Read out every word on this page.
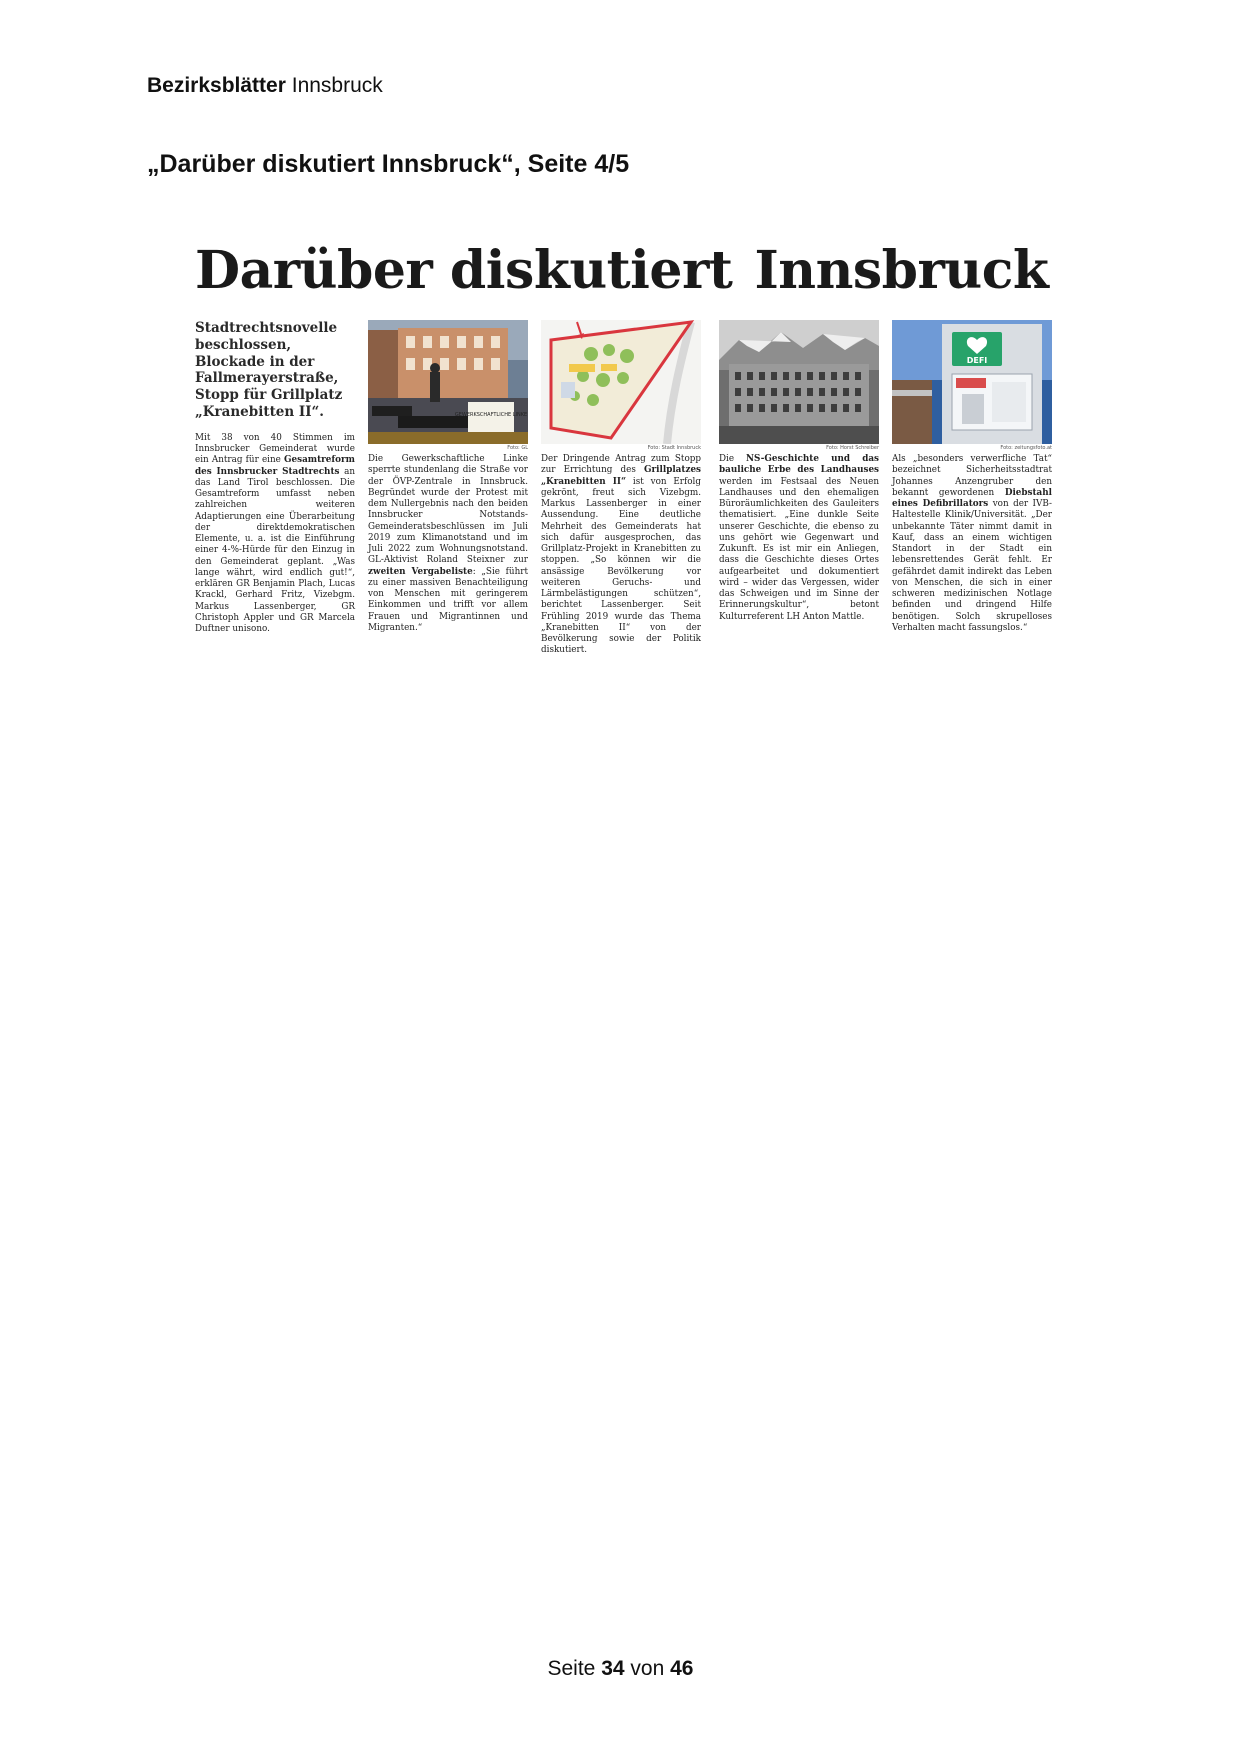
Bezirksblätter Innsbruck
„Darüber diskutiert Innsbruck“, Seite 4/5
Darüber diskutiert Innsbruck
Stadtrechtsnovelle beschlossen, Blockade in der Fallmerayerstraße, Stopp für Grillplatz „Kranebitten II“.

Mit 38 von 40 Stimmen im Innsbrucker Gemeinderat wurde ein Antrag für eine Gesamtreform des Innsbrucker Stadtrechts an das Land Tirol beschlossen. Die Gesamtreform umfasst neben zahlreichen weiteren Adaptierungen eine Überarbeitung der direktdemokratischen Elemente, u. a. ist die Einführung einer 4-%-Hürde für den Einzug in den Gemeinderat geplant. „Was lange währt, wird endlich gut!“, erklären GR Benjamin Plach, Lucas Krackl, Gerhard Fritz, Vizebgm. Markus Lassenberger, GR Christoph Appler und GR Marcela Duftner unisono.

GEWERKSCHAFTLICHE LINKE
Foto: GL

Die Gewerkschaftliche Linke sperrte stundenlang die Straße vor der ÖVP-Zentrale in Innsbruck. Begründet wurde der Protest mit dem Nullergebnis nach den beiden Innsbrucker Notstands-Gemeinderatsbeschlüssen im Juli 2019 zum Klimanotstand und im Juli 2022 zum Wohnungsnotstand. GL-Aktivist Roland Steixner zur zweiten Vergabeliste: „Sie führt zu einer massiven Benachteiligung von Menschen mit geringerem Einkommen und trifft vor allem Frauen und Migrantinnen und Migranten.“

Foto: Stadt Innsbruck

Der Dringende Antrag zum Stopp zur Errichtung des Grillplatzes „Kranebitten II“ ist von Erfolg gekrönt, freut sich Vizebgm. Markus Lassenberger in einer Aussendung. Eine deutliche Mehrheit des Gemeinderats hat sich dafür ausgesprochen, das Grillplatz-Projekt in Kranebitten zu stoppen. „So können wir die ansässige Bevölkerung vor weiteren Geruchs- und Lärmbelästigungen schützen“, berichtet Lassenberger. Seit Frühling 2019 wurde das Thema „Kranebitten II“ von der Bevölkerung sowie der Politik diskutiert.

Foto: Horst Schreiber

Die NS-Geschichte und das bauliche Erbe des Landhauses werden im Festsaal des Neuen Landhauses und den ehemaligen Büroräumlichkeiten des Gauleiters thematisiert. „Eine dunkle Seite unserer Geschichte, die ebenso zu uns gehört wie Gegenwart und Zukunft. Es ist mir ein Anliegen, dass die Geschichte dieses Ortes aufgearbeitet und dokumentiert wird – wider das Vergessen, wider das Schweigen und im Sinne der Erinnerungskultur“, betont Kulturreferent LH Anton Mattle.

DEFI
Foto: zeitungsfoto.at

Als „besonders verwerfliche Tat“ bezeichnet Sicherheitsstadtrat Johannes Anzengruber den bekannt gewordenen Diebstahl eines Defibrillators von der IVB-Haltestelle Klinik/Universität. „Der unbekannte Täter nimmt damit in Kauf, dass an einem wichtigen Standort in der Stadt ein lebensrettendes Gerät fehlt. Er gefährdet damit indirekt das Leben von Menschen, die sich in einer schweren medizinischen Notlage befinden und dringend Hilfe benötigen. Solch skrupelloses Verhalten macht fassungslos.“

Seite 34 von 46
